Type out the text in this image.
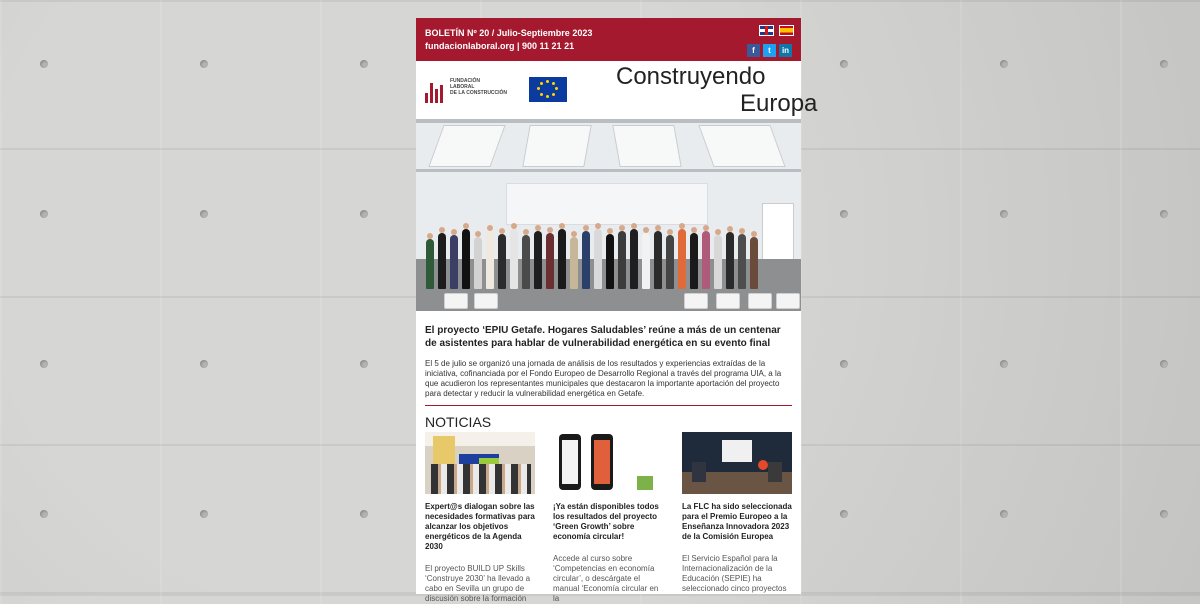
BOLETÍN Nº 20 / Julio-Septiembre 2023
fundacionlaboral.org | 900 11 21 21	f	t	in
FUNDACIÓN
LABORAL
DE LA CONSTRUCCIÓN
Construyendo
Europa
El proyecto ‘EPIU Getafe. Hogares Saludables’ reúne a más de un centenar de asistentes para hablar de vulnerabilidad energética en su evento final
El 5 de julio se organizó una jornada de análisis de los resultados y experiencias extraídas de la iniciativa, cofinanciada por el Fondo Europeo de Desarrollo Regional a través del programa UIA, a la que acudieron los representantes municipales que destacaron la importante aportación del proyecto para detectar y reducir la vulnerabilidad energética en Getafe.
NOTICIAS
Expert@s dialogan sobre las necesidades formativas para alcanzar los objetivos energéticos de la Agenda 2030
El proyecto BUILD UP Skills ‘Construye 2030’ ha llevado a cabo en Sevilla un grupo de discusión sobre la formación
¡Ya están disponibles todos los resultados del proyecto ‘Green Growth’ sobre economía circular!
Accede al curso sobre ‘Competencias en economía circular’, o descárgate el manual ‘Economía circular en la
La FLC ha sido seleccionada para el Premio Europeo a la Enseñanza Innovadora 2023 de la Comisión Europea
El Servicio Español para la Internacionalización de la Educación (SEPIE) ha seleccionado cinco proyectos
